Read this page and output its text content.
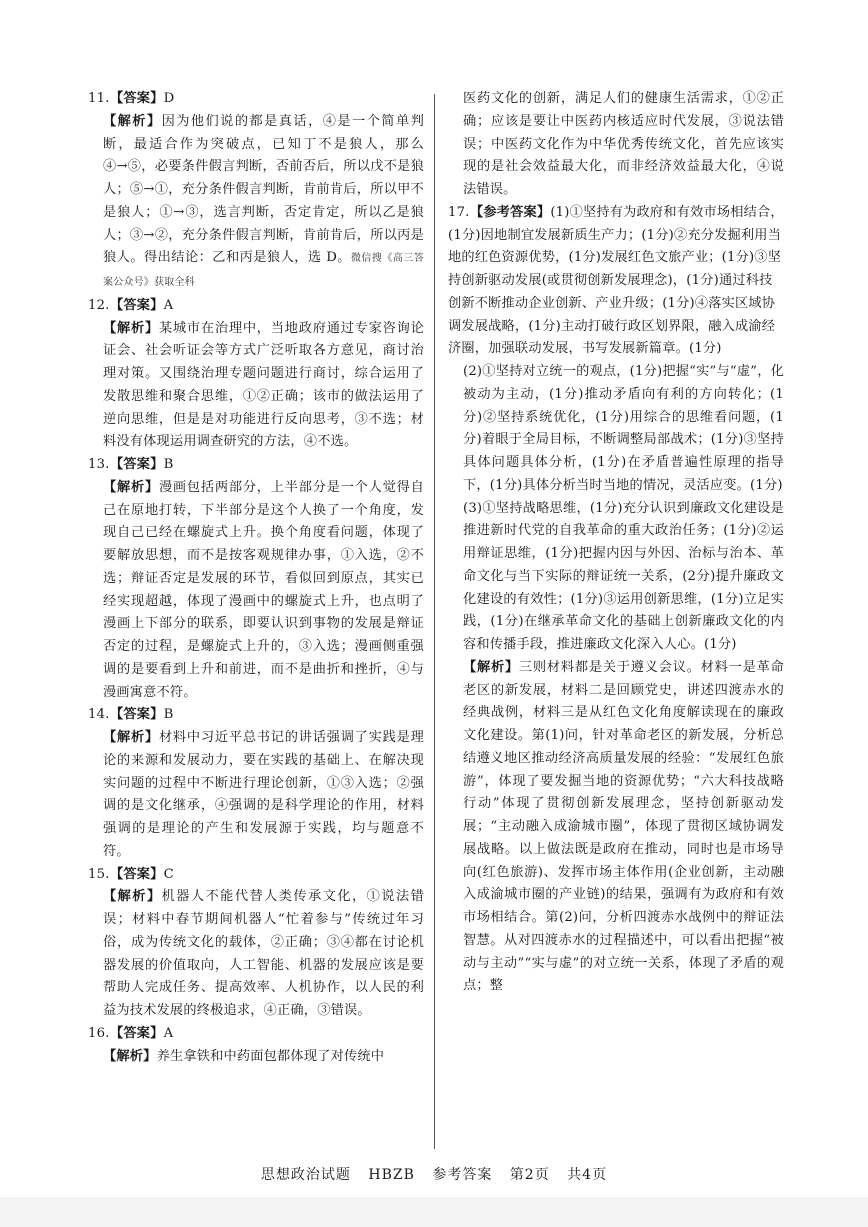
11.【答案】D
【解析】因为他们说的都是真话，④是一个简单判断，最适合作为突破点，已知丁不是狼人，那么④→⑤，必要条件假言判断，否前否后，所以戊不是狼人；⑤→①，充分条件假言判断，肯前肯后，所以甲不是狼人；①→③，选言判断，否定肯定，所以乙是狼人；③→②，充分条件假言判断，肯前肯后，所以丙是狼人。得出结论：乙和丙是狼人，选 D。微信搜《高三答案公众号》获取全科
12.【答案】A
【解析】某城市在治理中，当地政府通过专家咨询论证会、社会听证会等方式广泛听取各方意见，商讨治理对策。又围绕治理专题问题进行商讨，综合运用了发散思维和聚合思维，①②正确；该市的做法运用了逆向思维，但是是对功能进行反向思考，③不选；材料没有体现运用调查研究的方法，④不选。
13.【答案】B
【解析】漫画包括两部分，上半部分是一个人觉得自己在原地打转，下半部分是这个人换了一个角度，发现自己已经在螺旋式上升。换个角度看问题，体现了要解放思想，而不是按客观规律办事，①入选，②不选；辩证否定是发展的环节，看似回到原点，其实已经实现超越，体现了漫画中的螺旋式上升，也点明了漫画上下部分的联系，即要认识到事物的发展是辩证否定的过程，是螺旋式上升的，③入选；漫画侧重强调的是要看到上升和前进，而不是曲折和挫折，④与漫画寓意不符。
14.【答案】B
【解析】材料中习近平总书记的讲话强调了实践是理论的来源和发展动力，要在实践的基础上、在解决现实问题的过程中不断进行理论创新，①③入选；②强调的是文化继承，④强调的是科学理论的作用，材料强调的是理论的产生和发展源于实践，均与题意不符。
15.【答案】C
【解析】机器人不能代替人类传承文化，①说法错误；材料中春节期间机器人“忙着参与”传统过年习俗，成为传统文化的载体，②正确；③④都在讨论机器发展的价值取向，人工智能、机器的发展应该是要帮助人完成任务、提高效率、人机协作，以人民的利益为技术发展的终极追求，④正确，③错误。
16.【答案】A
【解析】养生拿铁和中药面包都体现了对传统中
医药文化的创新，满足人们的健康生活需求，①②正确；应该是要让中医药内核适应时代发展，③说法错误；中医药文化作为中华优秀传统文化，首先应该实现的是社会效益最大化，而非经济效益最大化，④说法错误。
17.【参考答案】(1)①坚持有为政府和有效市场相结合，(1分)因地制宜发展新质生产力；(1分)②充分发掘利用当地的红色资源优势，(1分)发展红色文旅产业；(1分)③坚持创新驱动发展(或贯彻创新发展理念)，(1分)通过科技创新不断推动企业创新、产业升级；(1分)④落实区域协调发展战略，(1分)主动打破行政区划界限，融入成渝经济圈，加强联动发展，书写发展新篇章。(1分)
(2)①坚持对立统一的观点，(1分)把握“实”与“虚”，化被动为主动，(1分)推动矛盾向有利的方向转化；(1分)②坚持系统优化，(1分)用综合的思维看问题，(1分)着眼于全局目标，不断调整局部战术；(1分)③坚持具体问题具体分析，(1分)在矛盾普遍性原理的指导下，(1分)具体分析当时当地的情况，灵活应变。(1分)
(3)①坚持战略思维，(1分)充分认识到廉政文化建设是推进新时代党的自我革命的重大政治任务；(1分)②运用辩证思维，(1分)把握内因与外因、治标与治本、革命文化与当下实际的辩证统一关系，(2分)提升廉政文化建设的有效性；(1分)③运用创新思维，(1分)立足实践，(1分)在继承革命文化的基础上创新廉政文化的内容和传播手段，推进廉政文化深入人心。(1分)
【解析】三则材料都是关于遵义会议。材料一是革命老区的新发展，材料二是回顾党史，讲述四渡赤水的经典战例，材料三是从红色文化角度解读现在的廉政文化建设。第(1)问，针对革命老区的新发展，分析总结遵义地区推动经济高质量发展的经验：“发展红色旅游”，体现了要发掘当地的资源优势；“六大科技战略行动”体现了贯彻创新发展理念，坚持创新驱动发展；“主动融入成渝城市圈”，体现了贯彻区域协调发展战略。以上做法既是政府在推动，同时也是市场导向(红色旅游)、发挥市场主体作用(企业创新，主动融入成渝城市圈的产业链)的结果，强调有为政府和有效市场相结合。第(2)问，分析四渡赤水战例中的辩证法智慧。从对四渡赤水的过程描述中，可以看出把握“被动与主动”“实与虚”的对立统一关系，体现了矛盾的观点；整
思想政治试题 HBZB 参考答案 第2页 共4页
